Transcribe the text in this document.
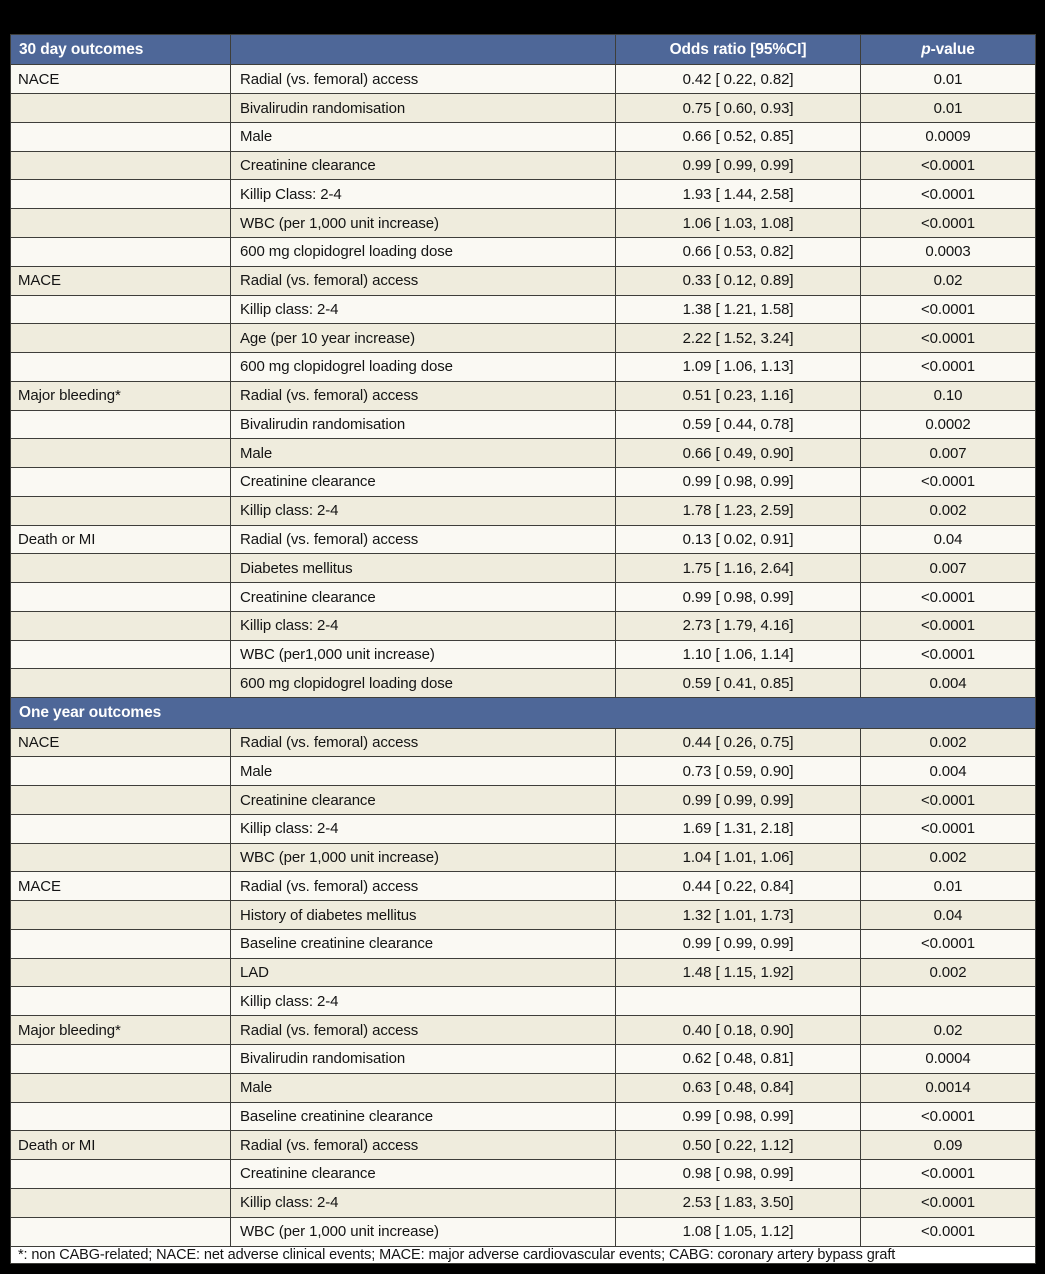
30 day outcomes		Odds ratio [95%CI]	p-value
NACE	Radial (vs. femoral) access	0.42 [ 0.22, 0.82]	0.01
	Bivalirudin randomisation	0.75 [ 0.60, 0.93]	0.01
	Male	0.66 [ 0.52, 0.85]	0.0009
	Creatinine clearance	0.99 [ 0.99, 0.99]	<0.0001
	Killip Class: 2-4	1.93 [ 1.44, 2.58]	<0.0001
	WBC (per 1,000 unit increase)	1.06 [ 1.03, 1.08]	<0.0001
	600 mg clopidogrel loading dose	0.66 [ 0.53, 0.82]	0.0003
MACE	Radial (vs. femoral) access	0.33 [ 0.12, 0.89]	0.02
	Killip class: 2-4	1.38 [ 1.21, 1.58]	<0.0001
	Age (per 10 year increase)	2.22 [ 1.52, 3.24]	<0.0001
	600 mg clopidogrel loading dose	1.09 [ 1.06, 1.13]	<0.0001
Major bleeding*	Radial (vs. femoral) access	0.51 [ 0.23, 1.16]	0.10
	Bivalirudin randomisation	0.59 [ 0.44, 0.78]	0.0002
	Male	0.66 [ 0.49, 0.90]	0.007
	Creatinine clearance	0.99 [ 0.98, 0.99]	<0.0001
	Killip class: 2-4	1.78 [ 1.23, 2.59]	0.002
Death or MI	Radial (vs. femoral) access	0.13 [ 0.02, 0.91]	0.04
	Diabetes mellitus	1.75 [ 1.16, 2.64]	0.007
	Creatinine clearance	0.99 [ 0.98, 0.99]	<0.0001
	Killip class: 2-4	2.73 [ 1.79, 4.16]	<0.0001
	WBC (per1,000 unit increase)	1.10 [ 1.06, 1.14]	<0.0001
	600 mg clopidogrel loading dose	0.59 [ 0.41, 0.85]	0.004
One year outcomes			
NACE	Radial (vs. femoral) access	0.44 [ 0.26, 0.75]	0.002
	Male	0.73 [ 0.59, 0.90]	0.004
	Creatinine clearance	0.99 [ 0.99, 0.99]	<0.0001
	Killip class: 2-4	1.69 [ 1.31, 2.18]	<0.0001
	WBC (per 1,000 unit increase)	1.04 [ 1.01, 1.06]	0.002
MACE	Radial (vs. femoral) access	0.44 [ 0.22, 0.84]	0.01
	History of diabetes mellitus	1.32 [ 1.01, 1.73]	0.04
	Baseline creatinine clearance	0.99 [ 0.99, 0.99]	<0.0001
	LAD	1.48 [ 1.15, 1.92]	0.002
	Killip class: 2-4		
Major bleeding*	Radial (vs. femoral) access	0.40 [ 0.18, 0.90]	0.02
	Bivalirudin randomisation	0.62 [ 0.48, 0.81]	0.0004
	Male	0.63 [ 0.48, 0.84]	0.0014
	Baseline creatinine clearance	0.99 [ 0.98, 0.99]	<0.0001
Death or MI	Radial (vs. femoral) access	0.50 [ 0.22, 1.12]	0.09
	Creatinine clearance	0.98 [ 0.98, 0.99]	<0.0001
	Killip class: 2-4	2.53 [ 1.83, 3.50]	<0.0001
	WBC (per 1,000 unit increase)	1.08 [ 1.05, 1.12]	<0.0001
*: non CABG-related; NACE: net adverse clinical events; MACE: major adverse cardiovascular events; CABG: coronary artery bypass graft			
